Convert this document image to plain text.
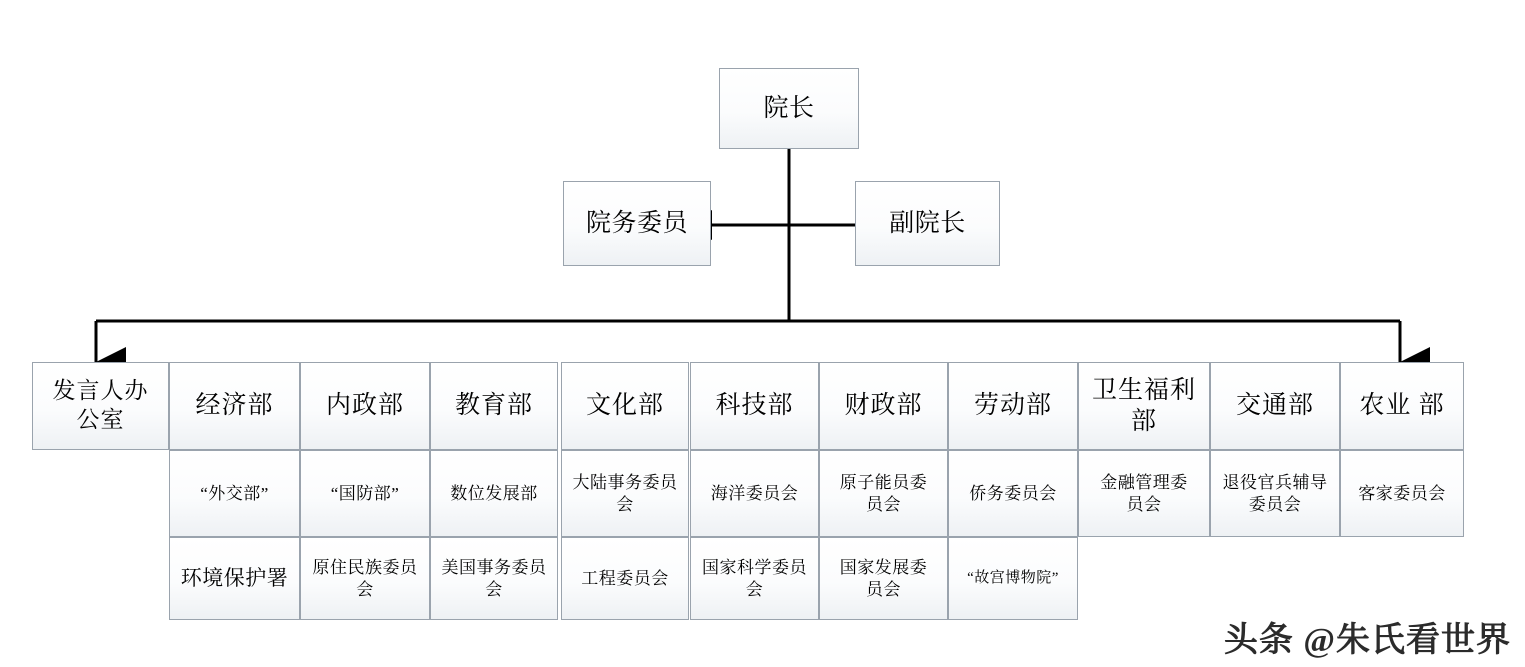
院长
院务委员	副院长
发言人办公室
经济部
“外交部”
环境保护署
内政部
“国防部”
原住民族委员会
教育部
数位发展部
美国事务委员会
文化部
大陆事务委员会
工程委员会
科技部
海洋委员会
国家科学委员会
财政部
原子能员委员会
国家发展委员会
劳动部
侨务委员会
“故宫博物院”
卫生福利部
金融管理委员会
交通部
退役官兵辅导委员会
农业 部
客家委员会
头条 @朱氏看世界
